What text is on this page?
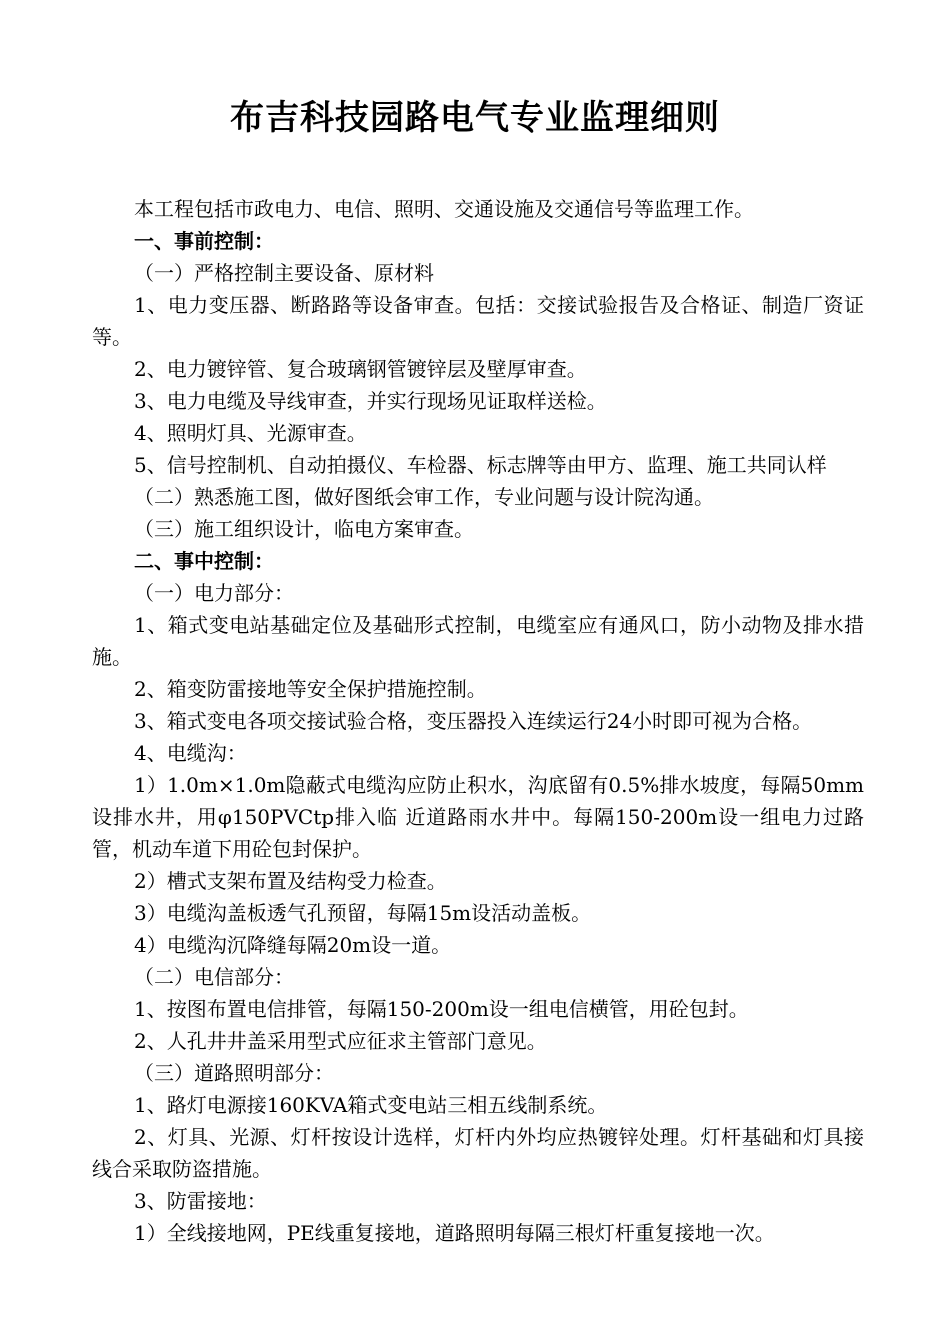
布吉科技园路电气专业监理细则

本工程包括市政电力、电信、照明、交通设施及交通信号等监理工作。

一、事前控制：

（一）严格控制主要设备、原材料

1、电力变压器、断路路等设备审查。包括：交接试验报告及合格证、制造厂资证等。

2、电力镀锌管、复合玻璃钢管镀锌层及壁厚审查。

3、电力电缆及导线审查，并实行现场见证取样送检。

4、照明灯具、光源审查。

5、信号控制机、自动拍摄仪、车检器、标志牌等由甲方、监理、施工共同认样

（二）熟悉施工图，做好图纸会审工作，专业问题与设计院沟通。

（三）施工组织设计，临电方案审查。

二、事中控制：

（一）电力部分：

1、箱式变电站基础定位及基础形式控制，电缆室应有通风口，防小动物及排水措施。

2、箱变防雷接地等安全保护措施控制。

3、箱式变电各项交接试验合格，变压器投入连续运行24小时即可视为合格。

4、电缆沟：

1）1.0m×1.0m隐蔽式电缆沟应防止积水，沟底留有0.5%排水坡度，每隔50mm设排水井，用φ150PVCtp排入临 近道路雨水井中。每隔150-200m设一组电力过路管，机动车道下用砼包封保护。

2）槽式支架布置及结构受力检查。

3）电缆沟盖板透气孔预留，每隔15m设活动盖板。

4）电缆沟沉降缝每隔20m设一道。

（二）电信部分：

1、按图布置电信排管，每隔150-200m设一组电信横管，用砼包封。

2、人孔井井盖采用型式应征求主管部门意见。

（三）道路照明部分：

1、路灯电源接160KVA箱式变电站三相五线制系统。

2、灯具、光源、灯杆按设计选样，灯杆内外均应热镀锌处理。灯杆基础和灯具接线合采取防盗措施。

3、防雷接地：

1）全线接地网，PE线重复接地，道路照明每隔三根灯杆重复接地一次。
